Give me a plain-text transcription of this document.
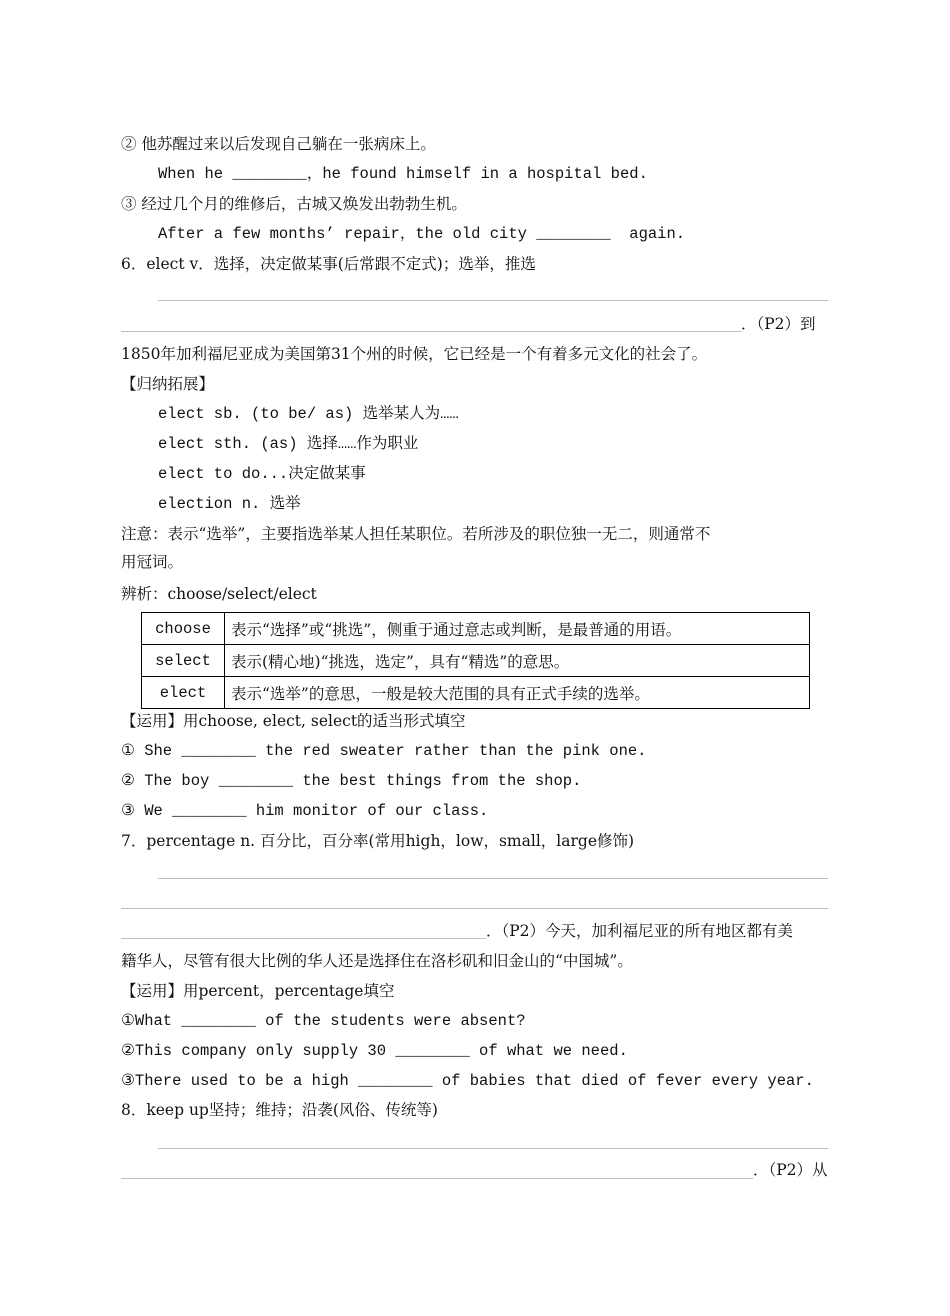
② 他苏醒过来以后发现自己躺在一张病床上。
When he ________，he found himself in a hospital bed.
③ 经过几个月的维修后，古城又焕发出勃勃生机。
After a few months’ repair，the old city ________  again.
6．elect v．选择，决定做某事(后常跟不定式)；选举，推选
．（P2）到
1850年加利福尼亚成为美国第31个州的时候，它已经是一个有着多元文化的社会了。
【归纳拓展】
elect sb. (to be/ as) 选举某人为……
elect sth. (as) 选择……作为职业
elect to do...决定做某事
election n. 选举
注意：表示“选举”，主要指选举某人担任某职位。若所涉及的职位独一无二，则通常不
用冠词。
辨析：choose/select/elect
choose	表示“选择”或“挑选”，侧重于通过意志或判断，是最普通的用语。
select	表示(精心地)“挑选，选定”，具有“精选”的意思。
elect	表示“选举”的意思，一般是较大范围的具有正式手续的选举。
【运用】用choose, elect, select的适当形式填空
① She ________ the red sweater rather than the pink one.
② The boy ________ the best things from the shop.
③ We ________ him monitor of our class.
7．percentage n. 百分比，百分率(常用high，low，small，large修饰)
．（P2）今天，加利福尼亚的所有地区都有美
籍华人，尽管有很大比例的华人还是选择住在洛杉矶和旧金山的“中国城”。
【运用】用percent，percentage填空
①What ________ of the students were absent?
②This company only supply 30 ________ of what we need.
③There used to be a high ________ of babies that died of fever every year.
8．keep up坚持；维持；沿袭(风俗、传统等)
．（P2）从
